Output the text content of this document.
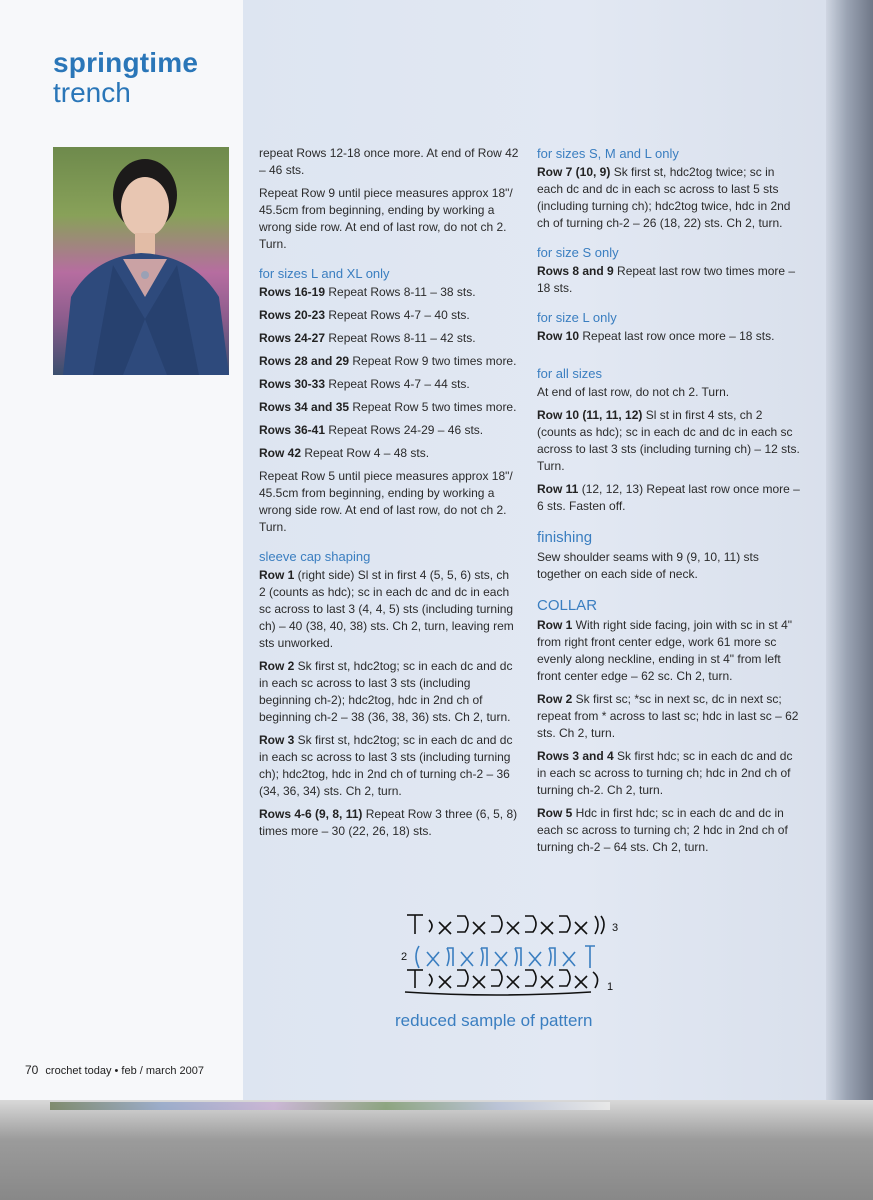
springtime
trench

repeat Rows 12-18 once more. At end of Row 42 – 46 sts.

Repeat Row 9 until piece measures approx 18"/ 45.5cm from beginning, ending by working a wrong side row. At end of last row, do not ch 2. Turn.

for sizes L and XL only

Rows 16-19 Repeat Rows 8-11 – 38 sts.

Rows 20-23 Repeat Rows 4-7 – 40 sts.

Rows 24-27 Repeat Rows 8-11 – 42 sts.

Rows 28 and 29 Repeat Row 9 two times more.

Rows 30-33 Repeat Rows 4-7 – 44 sts.

Rows 34 and 35 Repeat Row 5 two times more.

Rows 36-41 Repeat Rows 24-29 – 46 sts.

Row 42 Repeat Row 4 – 48 sts.

Repeat Row 5 until piece measures approx 18"/ 45.5cm from beginning, ending by working a wrong side row. At end of last row, do not ch 2. Turn.

sleeve cap shaping

Row 1 (right side) Sl st in first 4 (5, 5, 6) sts, ch 2 (counts as hdc); sc in each dc and dc in each sc across to last 3 (4, 4, 5) sts (including turning ch) – 40 (38, 40, 38) sts. Ch 2, turn, leaving rem sts unworked.

Row 2 Sk first st, hdc2tog; sc in each dc and dc in each sc across to last 3 sts (including beginning ch-2); hdc2tog, hdc in 2nd ch of beginning ch-2 – 38 (36, 38, 36) sts. Ch 2, turn.

Row 3 Sk first st, hdc2tog; sc in each dc and dc in each sc across to last 3 sts (including turning ch); hdc2tog, hdc in 2nd ch of turning ch-2 – 36 (34, 36, 34) sts. Ch 2, turn.

Rows 4-6 (9, 8, 11) Repeat Row 3 three (6, 5, 8) times more – 30 (22, 26, 18) sts.

for sizes S, M and L only

Row 7 (10, 9) Sk first st, hdc2tog twice; sc in each dc and dc in each sc across to last 5 sts (including turning ch); hdc2tog twice, hdc in 2nd ch of turning ch-2 – 26 (18, 22) sts. Ch 2, turn.

for size S only

Rows 8 and 9 Repeat last row two times more – 18 sts.

for size L only

Row 10 Repeat last row once more – 18 sts.

for all sizes

At end of last row, do not ch 2. Turn.

Row 10 (11, 11, 12) Sl st in first 4 sts, ch 2 (counts as hdc); sc in each dc and dc in each sc across to last 3 sts (including turning ch) – 12 sts. Turn.

Row 11 (12, 12, 13) Repeat last row once more – 6 sts. Fasten off.

finishing

Sew shoulder seams with 9 (9, 10, 11) sts together on each side of neck.

COLLAR

Row 1 With right side facing, join with sc in st 4" from right front center edge, work 61 more sc evenly along neckline, ending in st 4" from left front center edge – 62 sc. Ch 2, turn.

Row 2 Sk first sc; *sc in next sc, dc in next sc; repeat from * across to last sc; hdc in last sc – 62 sts. Ch 2, turn.

Rows 3 and 4 Sk first hdc; sc in each dc and dc in each sc across to turning ch; hdc in 2nd ch of turning ch-2. Ch 2, turn.

Row 5 Hdc in first hdc; sc in each dc and dc in each sc across to turning ch; 2 hdc in 2nd ch of turning ch-2 – 64 sts. Ch 2, turn.

3
2
1
reduced sample of pattern
70 crochet today • feb / march 2007
